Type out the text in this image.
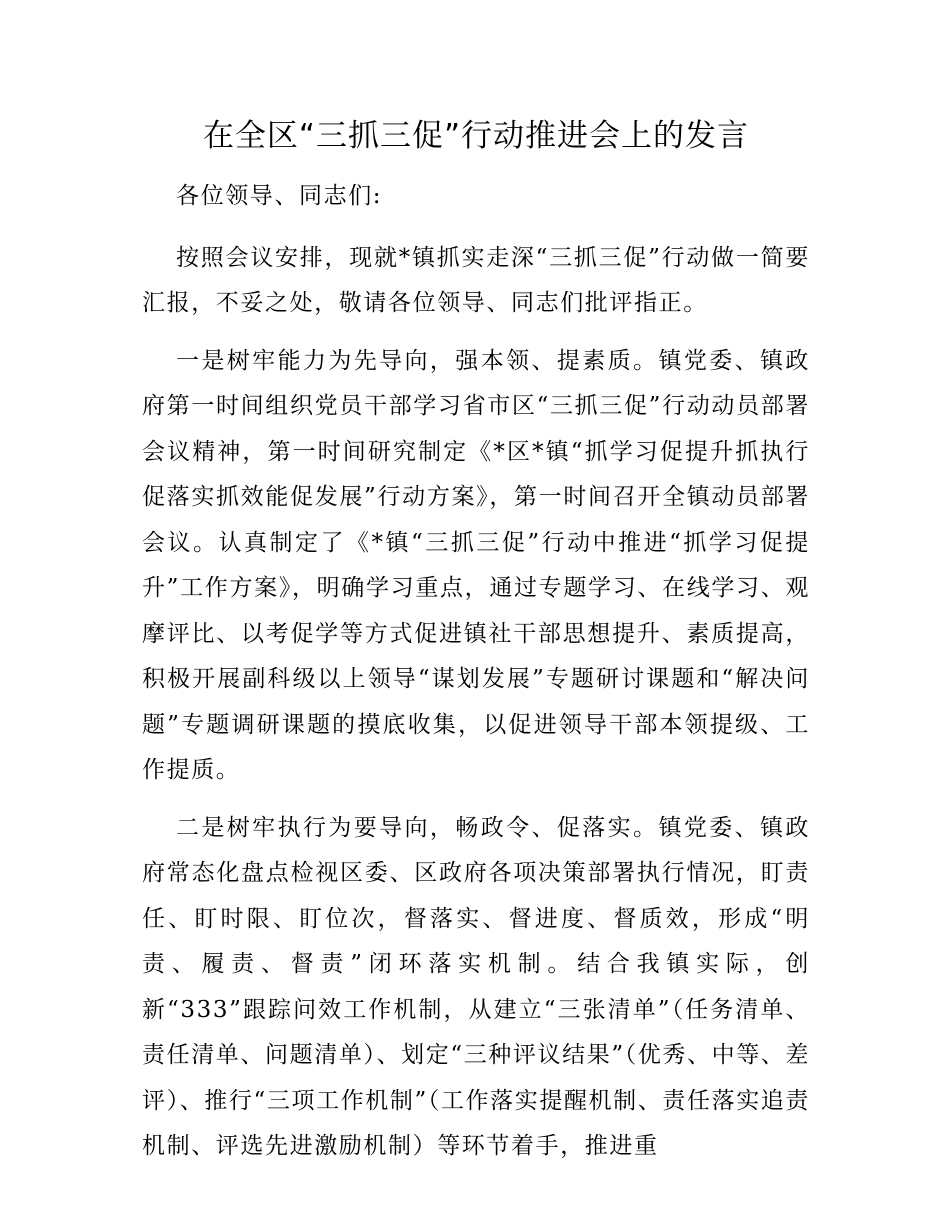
在全区“三抓三促”行动推进会上的发言

各位领导、同志们:

按照会议安排，现就*镇抓实走深“三抓三促”行动做一简要汇报，不妥之处，敬请各位领导、同志们批评指正。

一是树牢能力为先导向，强本领、提素质。镇党委、镇政府第一时间组织党员干部学习省市区“三抓三促”行动动员部署会议精神，第一时间研究制定《*区*镇“抓学习促提升抓执行促落实抓效能促发展”行动方案》，第一时间召开全镇动员部署会议。认真制定了《*镇“三抓三促”行动中推进“抓学习促提升”工作方案》，明确学习重点，通过专题学习、在线学习、观摩评比、以考促学等方式促进镇社干部思想提升、素质提高，积极开展副科级以上领导“谋划发展”专题研讨课题和“解决问题”专题调研课题的摸底收集，以促进领导干部本领提级、工作提质。

二是树牢执行为要导向，畅政令、促落实。镇党委、镇政府常态化盘点检视区委、区政府各项决策部署执行情况，盯责任、盯时限、盯位次，督落实、督进度、督质效，形成“明责、履责、督责”闭环落实机制。结合我镇实际，创新“333”跟踪问效工作机制，从建立“三张清单”（任务清单、责任清单、问题清单）、划定“三种评议结果”（优秀、中等、差评）、推行“三项工作机制”（工作落实提醒机制、责任落实追责机制、评选先进激励机制）等环节着手，推进重
